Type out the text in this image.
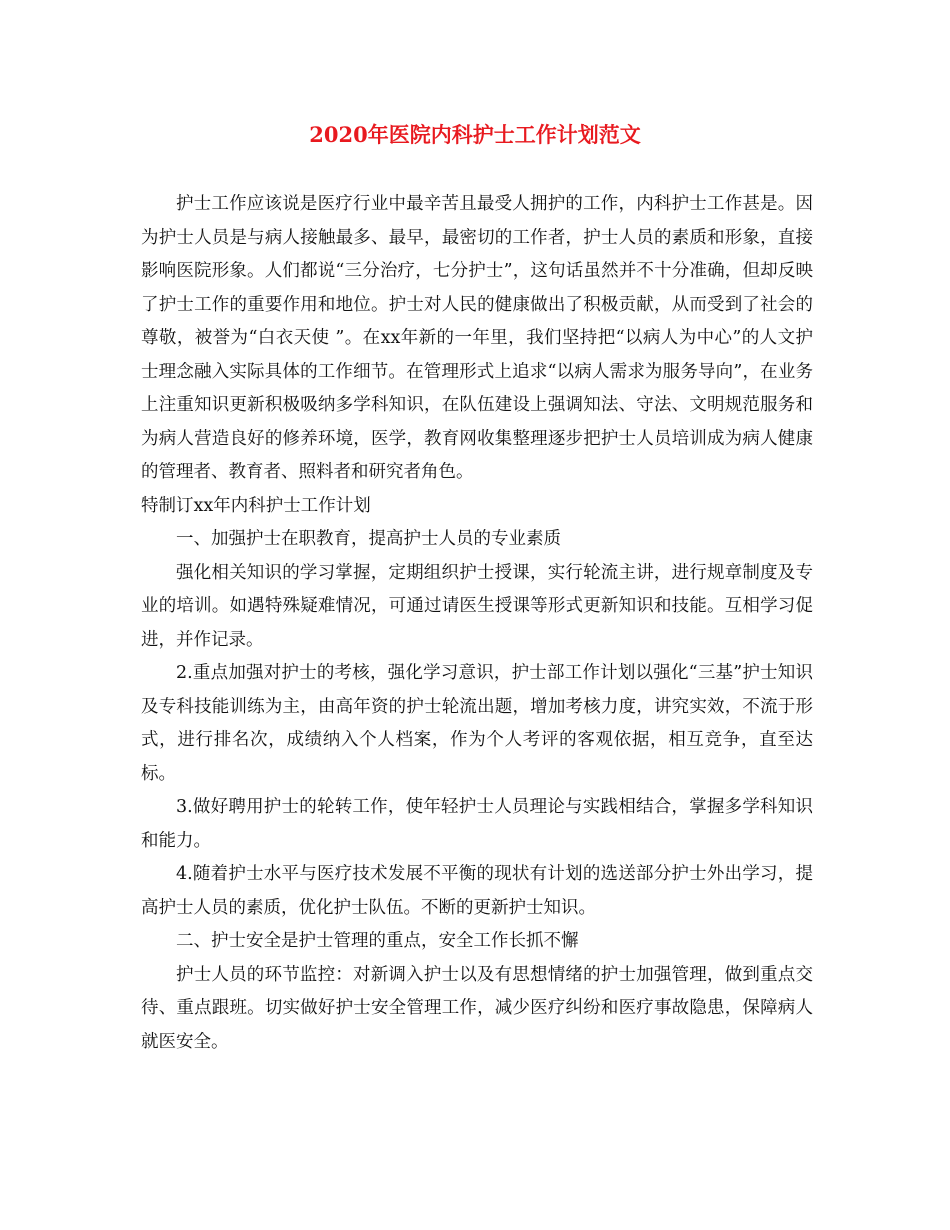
2020年医院内科护士工作计划范文

护士工作应该说是医疗行业中最辛苦且最受人拥护的工作，内科护士工作甚是。因为护士人员是与病人接触最多、最早，最密切的工作者，护士人员的素质和形象，直接影响医院形象。人们都说“三分治疗，七分护士”，这句话虽然并不十分准确，但却反映了护士工作的重要作用和地位。护士对人民的健康做出了积极贡献，从而受到了社会的尊敬，被誉为“白衣天使 ”。在xx年新的一年里，我们坚持把“以病人为中心”的人文护士理念融入实际具体的工作细节。在管理形式上追求“以病人需求为服务导向”，在业务上注重知识更新积极吸纳多学科知识，在队伍建设上强调知法、守法、文明规范服务和为病人营造良好的修养环境，医学，教育网收集整理逐步把护士人员培训成为病人健康的管理者、教育者、照料者和研究者角色。

特制订xx年内科护士工作计划

一、加强护士在职教育，提高护士人员的专业素质

强化相关知识的学习掌握，定期组织护士授课，实行轮流主讲，进行规章制度及专业的培训。如遇特殊疑难情况，可通过请医生授课等形式更新知识和技能。互相学习促进，并作记录。

2.重点加强对护士的考核，强化学习意识，护士部工作计划以强化“三基”护士知识及专科技能训练为主，由高年资的护士轮流出题，增加考核力度，讲究实效，不流于形式，进行排名次，成绩纳入个人档案，作为个人考评的客观依据，相互竞争，直至达标。

3.做好聘用护士的轮转工作，使年轻护士人员理论与实践相结合，掌握多学科知识和能力。

4.随着护士水平与医疗技术发展不平衡的现状有计划的选送部分护士外出学习，提高护士人员的素质，优化护士队伍。不断的更新护士知识。

二、护士安全是护士管理的重点，安全工作长抓不懈

护士人员的环节监控：对新调入护士以及有思想情绪的护士加强管理，做到重点交待、重点跟班。切实做好护士安全管理工作，减少医疗纠纷和医疗事故隐患，保障病人就医安全。
